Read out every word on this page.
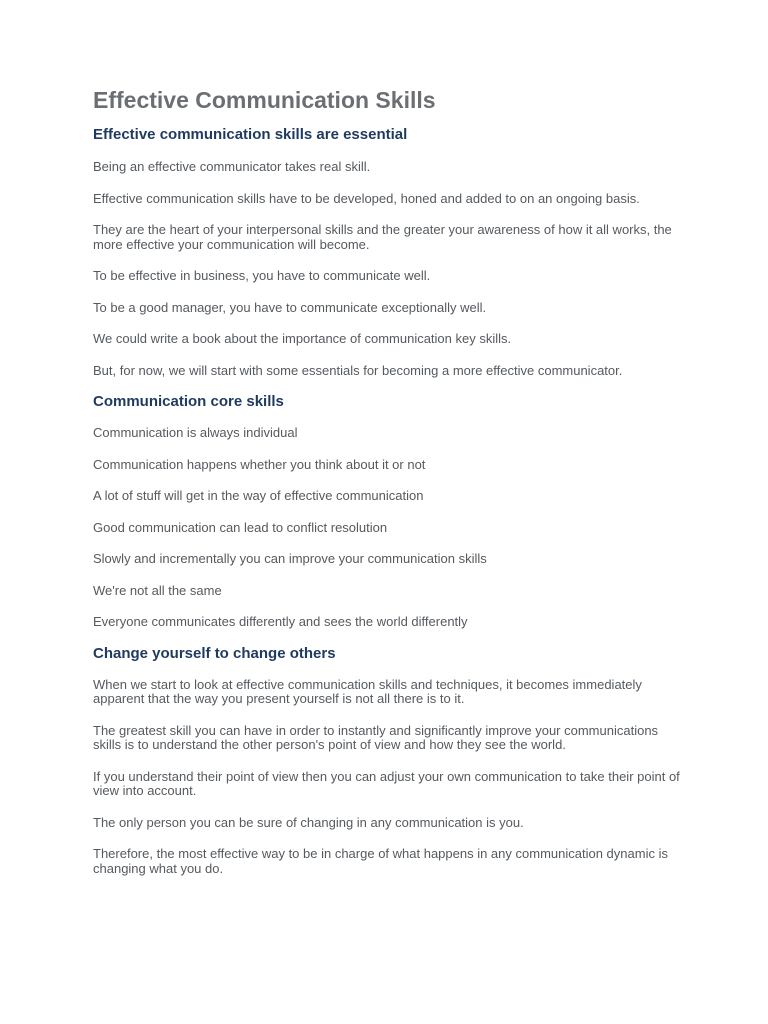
Effective Communication Skills
Effective communication skills are essential

Being an effective communicator takes real skill.

Effective communication skills have to be developed, honed and added to on an ongoing basis.

They are the heart of your interpersonal skills and the greater your awareness of how it all works, the more effective your communication will become.

To be effective in business, you have to communicate well.

To be a good manager, you have to communicate exceptionally well.

We could write a book about the importance of communication key skills.

But, for now, we will start with some essentials for becoming a more effective communicator.

Communication core skills

Communication is always individual

Communication happens whether you think about it or not

A lot of stuff will get in the way of effective communication

Good communication can lead to conflict resolution

Slowly and incrementally you can improve your communication skills

We're not all the same

Everyone communicates differently and sees the world differently

Change yourself to change others

When we start to look at effective communication skills and techniques, it becomes immediately apparent that the way you present yourself is not all there is to it.

The greatest skill you can have in order to instantly and significantly improve your communications skills is to understand the other person's point of view and how they see the world.

If you understand their point of view then you can adjust your own communication to take their point of view into account.

The only person you can be sure of changing in any communication is you.

Therefore, the most effective way to be in charge of what happens in any communication dynamic is changing what you do.
